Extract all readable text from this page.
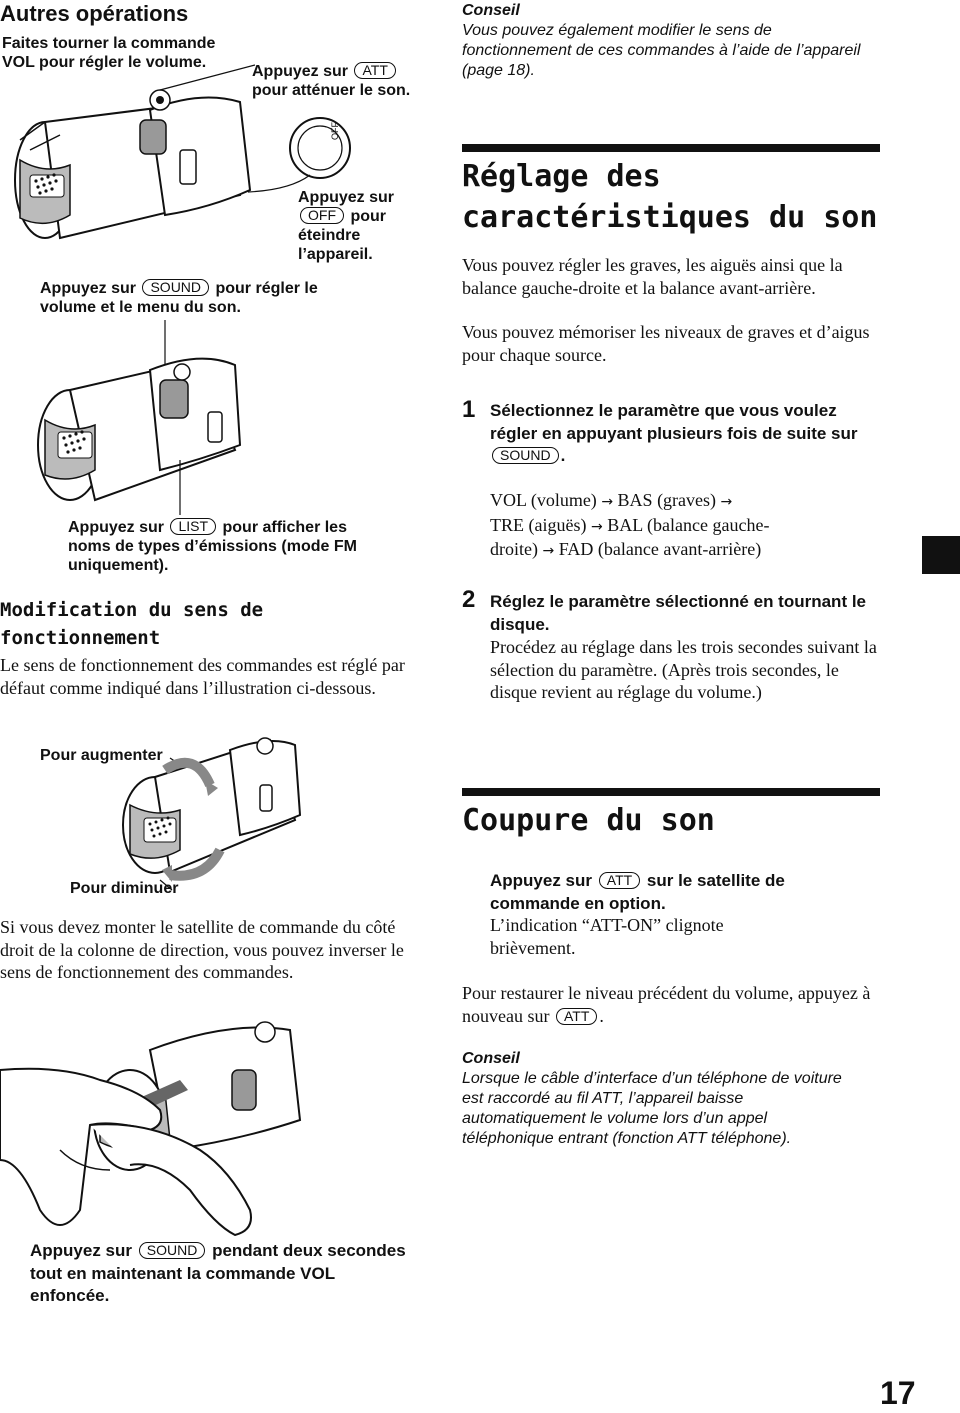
Autres opérations
Faites tourner la commande VOL pour régler le volume.
Appuyez sur ATT pour atténuer le son.
Appuyez sur OFF pour éteindre l’appareil.
Appuyez sur SOUND pour régler le volume et le menu du son.
OFF
Appuyez sur LIST pour afficher les noms de types d’émissions (mode FM uniquement).
Modification du sens de
fonctionnement
Le sens de fonctionnement des commandes est réglé par défaut comme indiqué dans l’illustration ci-dessous.
Pour augmenter
Pour diminuer
Si vous devez monter le satellite de commande du côté droit de la colonne de direction, vous pouvez inverser le sens de fonctionnement des commandes.
Appuyez sur SOUND pendant deux secondes tout en maintenant la commande VOL enfoncée.
Conseil
Vous pouvez également modifier le sens de fonctionnement de ces commandes à l’aide de l’appareil (page 18).
Réglage des
caractéristiques du son
Vous pouvez régler les graves, les aiguës ainsi que la balance gauche-droite et la balance avant-arrière.
Vous pouvez mémoriser les niveaux de graves et d’aigus pour chaque source.
1 Sélectionnez le paramètre que vous voulez régler en appuyant plusieurs fois de suite sur SOUND .
VOL (volume) → BAS (graves) →
TRE (aiguës) → BAL (balance gauche-
droite) → FAD (balance avant-arrière)
2 Réglez le paramètre sélectionné en tournant le disque.
Procédez au réglage dans les trois secondes suivant la sélection du paramètre. (Après trois secondes, le disque revient au réglage du volume.)
Coupure du son
Appuyez sur ATT sur le satellite de commande en option.
L’indication “ATT-ON” clignote brièvement.
Pour restaurer le niveau précédent du volume, appuyez à nouveau sur ATT .
Conseil
Lorsque le câble d’interface d’un téléphone de voiture est raccordé au fil ATT, l’appareil baisse automatiquement le volume lors d’un appel téléphonique entrant (fonction ATT téléphone).
17
